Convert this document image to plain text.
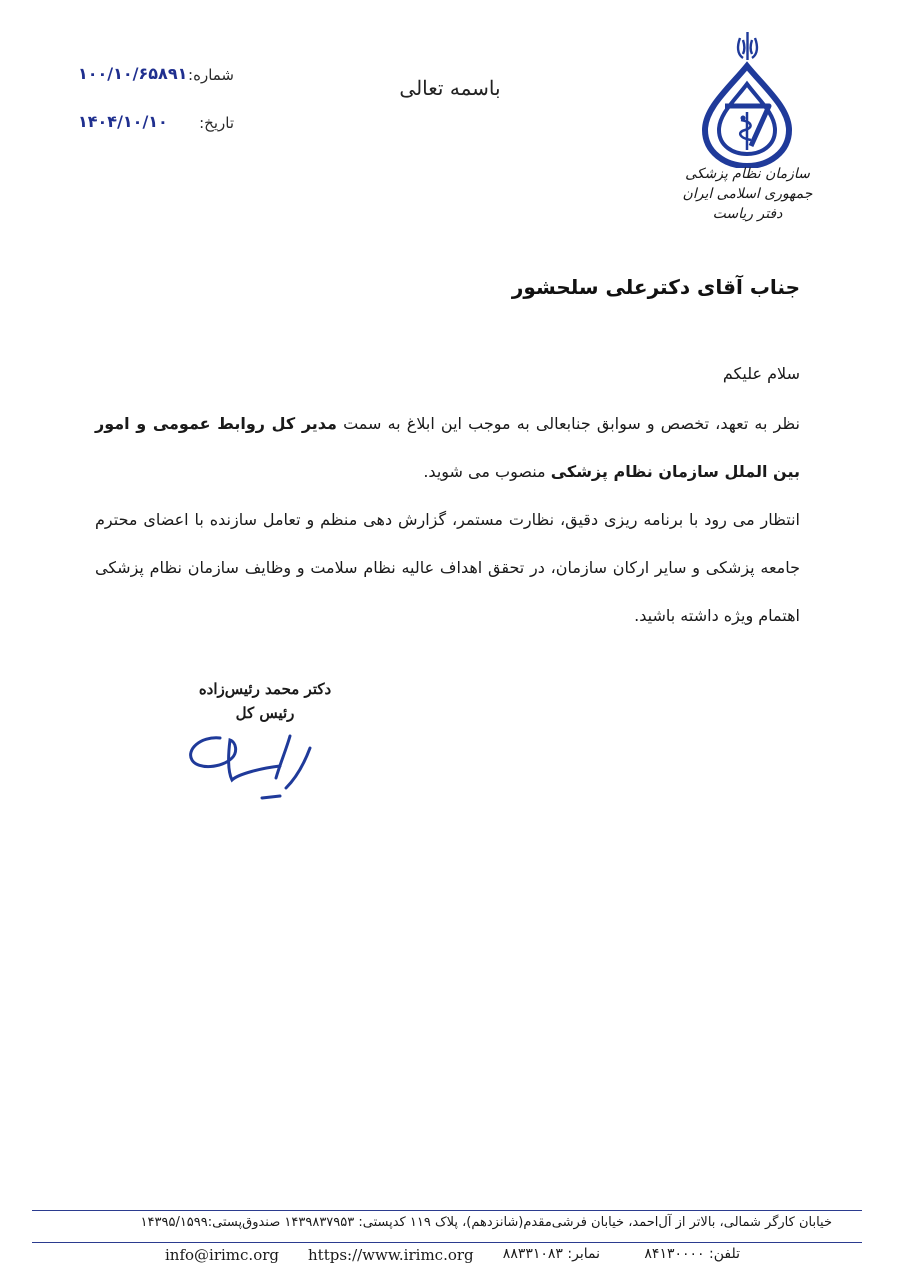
شماره:
۱۰۰/۱۰/۶۵۸۹۱
تاریخ:
۱۴۰۴/۱۰/۱۰
باسمه تعالی
سازمان نظام پزشکی جمهوری اسلامی ایران
دفتر ریاست
جناب آقای دکترعلی سلحشور
سلام علیکم
نظر به تعهد، تخصص و سوابق جنابعالی به موجب این ابلاغ به سمت مدیر کل روابط عمومی و امور بین الملل سازمان نظام پزشکی منصوب می شوید.
انتظار می رود با برنامه ریزی دقیق، نظارت مستمر، گزارش دهی منظم و تعامل سازنده با اعضای محترم جامعه پزشکی و سایر ارکان سازمان، در تحقق اهداف عالیه نظام سلامت و وظایف سازمان نظام پزشکی اهتمام ویژه داشته باشید.
دکتر محمد رئیس‌زاده
رئیس کل
خیابان کارگر شمالی، بالاتر از آل‌احمد، خیابان فرشی‌مقدم(شانزدهم)، پلاک ۱۱۹ کدپستی: ۱۴۳۹۸۳۷۹۵۳ صندوق‌پستی:۱۴۳۹۵/۱۵۹۹
تلفن: ۸۴۱۳۰۰۰۰
نمابر: ۸۸۳۳۱۰۸۳
https://www.irimc.org
info@irimc.org
